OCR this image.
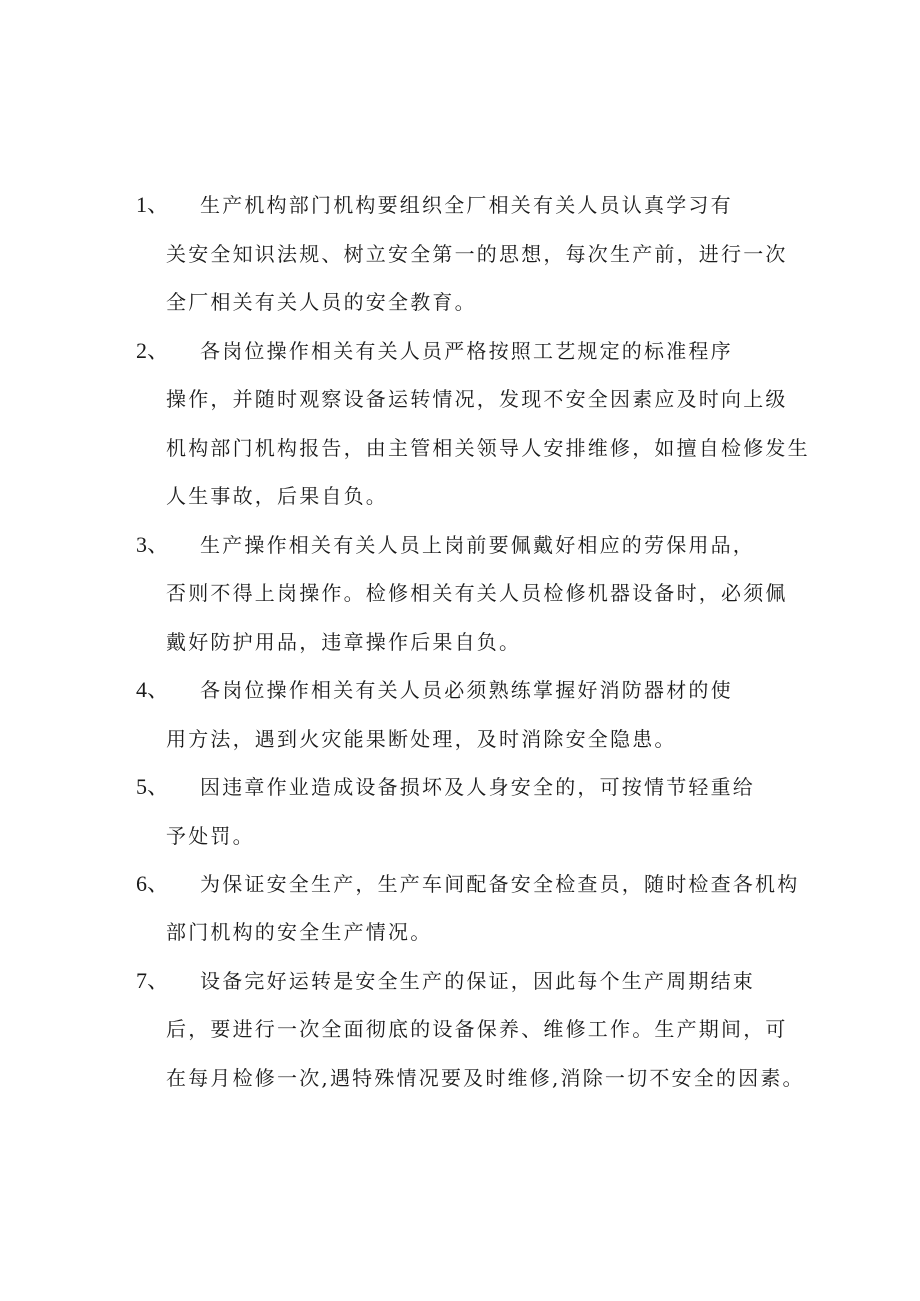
1、 生产机构部门机构要组织全厂相关有关人员认真学习有
关安全知识法规、树立安全第一的思想，每次生产前，进行一次
全厂相关有关人员的安全教育。
2、 各岗位操作相关有关人员严格按照工艺规定的标准程序
操作，并随时观察设备运转情况，发现不安全因素应及时向上级
机构部门机构报告，由主管相关领导人安排维修，如擅自检修发生
人生事故，后果自负。
3、 生产操作相关有关人员上岗前要佩戴好相应的劳保用品，
否则不得上岗操作。检修相关有关人员检修机器设备时，必须佩
戴好防护用品，违章操作后果自负。
4、 各岗位操作相关有关人员必须熟练掌握好消防器材的使
用方法，遇到火灾能果断处理，及时消除安全隐患。
5、 因违章作业造成设备损坏及人身安全的，可按情节轻重给
予处罚。
6、 为保证安全生产，生产车间配备安全检查员，随时检查各机构
部门机构的安全生产情况。
7、 设备完好运转是安全生产的保证，因此每个生产周期结束
后，要进行一次全面彻底的设备保养、维修工作。生产期间，可
在每月检修一次,遇特殊情况要及时维修,消除一切不安全的因素。
